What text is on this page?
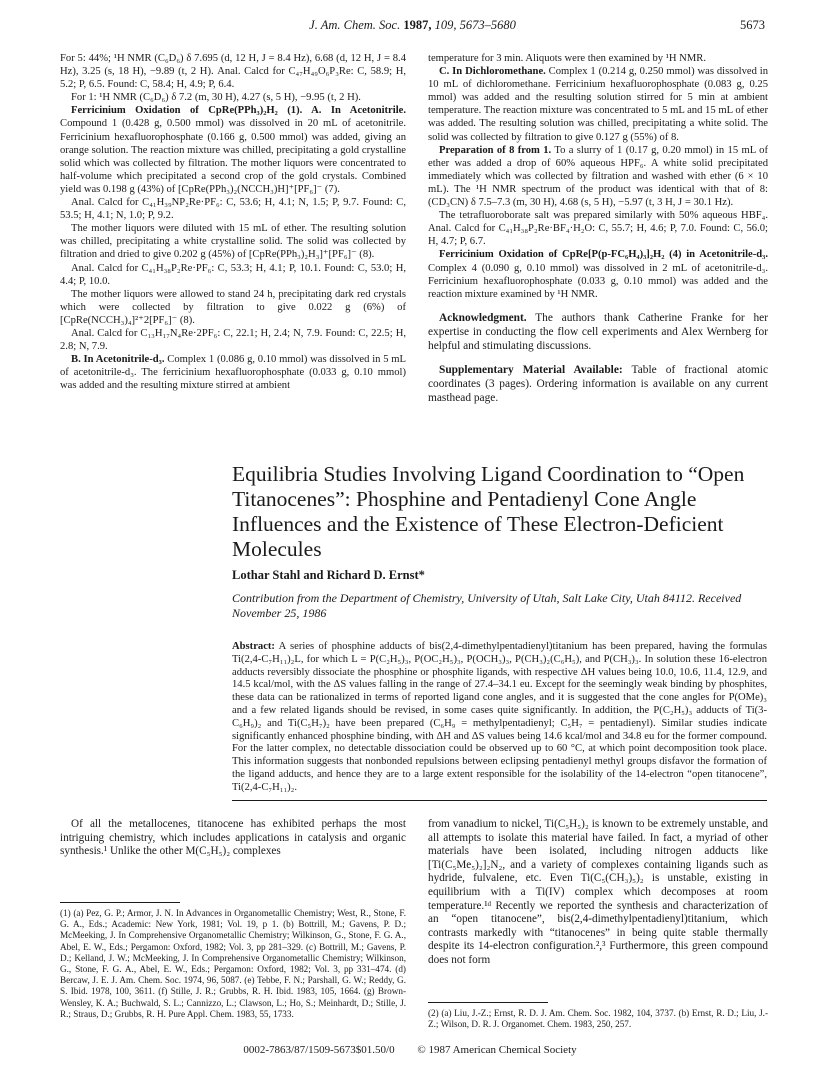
J. Am. Chem. Soc. 1987, 109, 5673–5680	5673

For 5: 44%; ¹H NMR (C₆D₆) δ 7.695 (d, 12 H, J = 8.4 Hz), 6.68 (d, 12 H, J = 8.4 Hz), 3.25 (s, 18 H), −9.89 (t, 2 H). Anal. Calcd for C₄₇H₄₉O₆P₃Re: C, 58.9; H, 5.2; P, 6.5. Found: C, 58.4; H, 4.9; P, 6.4.

For 1: ¹H NMR (C₆D₆) δ 7.2 (m, 30 H), 4.27 (s, 5 H), −9.95 (t, 2 H).

Ferricinium Oxidation of CpRe(PPh₃)₂H₂ (1). A. In Acetonitrile. Compound 1 (0.428 g, 0.500 mmol) was dissolved in 20 mL of acetonitrile. Ferricinium hexafluorophosphate (0.166 g, 0.500 mmol) was added, giving an orange solution. The reaction mixture was chilled, precipitating a gold crystalline solid which was collected by filtration. The mother liquors were concentrated to half-volume which precipitated a second crop of the gold crystals. Combined yield was 0.198 g (43%) of [CpRe(PPh₃)₂(NCCH₃)H]⁺[PF₆]⁻ (7).

Anal. Calcd for C₄₁H₃₉NP₂Re·PF₆: C, 53.6; H, 4.1; N, 1.5; P, 9.7. Found: C, 53.5; H, 4.1; N, 1.0; P, 9.2.

The mother liquors were diluted with 15 mL of ether. The resulting solution was chilled, precipitating a white crystalline solid. The solid was collected by filtration and dried to give 0.202 g (45%) of [CpRe(PPh₃)₂H₃]⁺[PF₆]⁻ (8).

Anal. Calcd for C₄₁H₃₈P₂Re·PF₆: C, 53.3; H, 4.1; P, 10.1. Found: C, 53.0; H, 4.4; P, 10.0.

The mother liquors were allowed to stand 24 h, precipitating dark red crystals which were collected by filtration to give 0.022 g (6%) of [CpRe(NCCH₃)₄]²⁺2[PF₆]⁻ (8).

Anal. Calcd for C₁₃H₁₇N₄Re·2PF₆: C, 22.1; H, 2.4; N, 7.9. Found: C, 22.5; H, 2.8; N, 7.9.

B. In Acetonitrile-d₃. Complex 1 (0.086 g, 0.10 mmol) was dissolved in 5 mL of acetonitrile-d₃. The ferricinium hexafluorophosphate (0.033 g, 0.10 mmol) was added and the resulting mixture stirred at ambient

temperature for 3 min. Aliquots were then examined by ¹H NMR.

C. In Dichloromethane. Complex 1 (0.214 g, 0.250 mmol) was dissolved in 10 mL of dichloromethane. Ferricinium hexafluorophosphate (0.083 g, 0.25 mmol) was added and the resulting solution stirred for 5 min at ambient temperature. The reaction mixture was concentrated to 5 mL and 15 mL of ether was added. The resulting solution was chilled, precipitating a white solid. The solid was collected by filtration to give 0.127 g (55%) of 8.

Preparation of 8 from 1. To a slurry of 1 (0.17 g, 0.20 mmol) in 15 mL of ether was added a drop of 60% aqueous HPF₆. A white solid precipitated immediately which was collected by filtration and washed with ether (6 × 10 mL). The ¹H NMR spectrum of the product was identical with that of 8: (CD₃CN) δ 7.5–7.3 (m, 30 H), 4.68 (s, 5 H), −5.97 (t, 3 H, J = 30.1 Hz).

The tetrafluoroborate salt was prepared similarly with 50% aqueous HBF₄. Anal. Calcd for C₄₁H₃₈P₂Re·BF₄·H₂O: C, 55.7; H, 4.6; P, 7.0. Found: C, 56.0; H, 4.7; P, 6.7.

Ferricinium Oxidation of CpRe[P(p-FC₆H₄)₃]₂H₂ (4) in Acetonitrile-d₃. Complex 4 (0.090 g, 0.10 mmol) was dissolved in 2 mL of acetonitrile-d₃. Ferricinium hexafluorophosphate (0.033 g, 0.10 mmol) was added and the reaction mixture examined by ¹H NMR.

Acknowledgment. The authors thank Catherine Franke for her expertise in conducting the flow cell experiments and Alex Wernberg for helpful and stimulating discussions.

Supplementary Material Available: Table of fractional atomic coordinates (3 pages). Ordering information is available on any current masthead page.

Equilibria Studies Involving Ligand Coordination to “Open Titanocenes”: Phosphine and Pentadienyl Cone Angle Influences and the Existence of These Electron-Deficient Molecules
Lothar Stahl and Richard D. Ernst*
Contribution from the Department of Chemistry, University of Utah, Salt Lake City, Utah 84112. Received November 25, 1986
Abstract: A series of phosphine adducts of bis(2,4-dimethylpentadienyl)titanium has been prepared, having the formulas Ti(2,4-C₇H₁₁)₂L, for which L = P(C₂H₅)₃, P(OC₂H₅)₃, P(OCH₃)₃, P(CH₃)₂(C₆H₅), and P(CH₃)₃. In solution these 16-electron adducts reversibly dissociate the phosphine or phosphite ligands, with respective ΔH values being 10.0, 10.6, 11.4, 12.9, and 14.5 kcal/mol, with the ΔS values falling in the range of 27.4–34.1 eu. Except for the seemingly weak binding by phosphites, these data can be rationalized in terms of reported ligand cone angles, and it is suggested that the cone angles for P(OMe)₃ and a few related ligands should be revised, in some cases quite significantly. In addition, the P(C₂H₅)₃ adducts of Ti(3-C₆H₉)₂ and Ti(C₅H₇)₂ have been prepared (C₆H₉ = methylpentadienyl; C₅H₇ = pentadienyl). Similar studies indicate significantly enhanced phosphine binding, with ΔH and ΔS values being 14.6 kcal/mol and 34.8 eu for the former compound. For the latter complex, no detectable dissociation could be observed up to 60 °C, at which point decomposition took place. This information suggests that nonbonded repulsions between eclipsing pentadienyl methyl groups disfavor the formation of the ligand adducts, and hence they are to a large extent responsible for the isolability of the 14-electron “open titanocene”, Ti(2,4-C₇H₁₁)₂.

Of all the metallocenes, titanocene has exhibited perhaps the most intriguing chemistry, which includes applications in catalysis and organic synthesis.¹ Unlike the other M(C₅H₅)₂ complexes

from vanadium to nickel, Ti(C₅H₅)₂ is known to be extremely unstable, and all attempts to isolate this material have failed. In fact, a myriad of other materials have been isolated, including nitrogen adducts like [Ti(C₅Me₅)₂]₂N₂, and a variety of complexes containing ligands such as hydride, fulvalene, etc. Even Ti(C₅(CH₃)₅)₂ is unstable, existing in equilibrium with a Ti(IV) complex which decomposes at room temperature.¹ᵈ Recently we reported the synthesis and characterization of an “open titanocene”, bis(2,4-dimethylpentadienyl)titanium, which contrasts markedly with “titanocenes” in being quite stable thermally despite its 14-electron configuration.²,³ Furthermore, this green compound does not form

(1) (a) Pez, G. P.; Armor, J. N. In Advances in Organometallic Chemistry; West, R., Stone, F. G. A., Eds.; Academic: New York, 1981; Vol. 19, p 1. (b) Bottrill, M.; Gavens, P. D.; McMeeking, J. In Comprehensive Organometallic Chemistry; Wilkinson, G., Stone, F. G. A., Abel, E. W., Eds.; Pergamon: Oxford, 1982; Vol. 3, pp 281–329. (c) Bottrill, M.; Gavens, P. D.; Kelland, J. W.; McMeeking, J. In Comprehensive Organometallic Chemistry; Wilkinson, G., Stone, F. G. A., Abel, E. W., Eds.; Pergamon: Oxford, 1982; Vol. 3, pp 331–474. (d) Bercaw, J. E. J. Am. Chem. Soc. 1974, 96, 5087. (e) Tebbe, F. N.; Parshall, G. W.; Reddy, G. S. Ibid. 1978, 100, 3611. (f) Stille, J. R.; Grubbs, R. H. Ibid. 1983, 105, 1664. (g) Brown-Wensley, K. A.; Buchwald, S. L.; Cannizzo, L.; Clawson, L.; Ho, S.; Meinhardt, D.; Stille, J. R.; Straus, D.; Grubbs, R. H. Pure Appl. Chem. 1983, 55, 1733.	(2) (a) Liu, J.-Z.; Ernst, R. D. J. Am. Chem. Soc. 1982, 104, 3737. (b) Ernst, R. D.; Liu, J.-Z.; Wilson, D. R. J. Organomet. Chem. 1983, 250, 257.
0002-7863/87/1509-5673$01.50/0 © 1987 American Chemical Society
